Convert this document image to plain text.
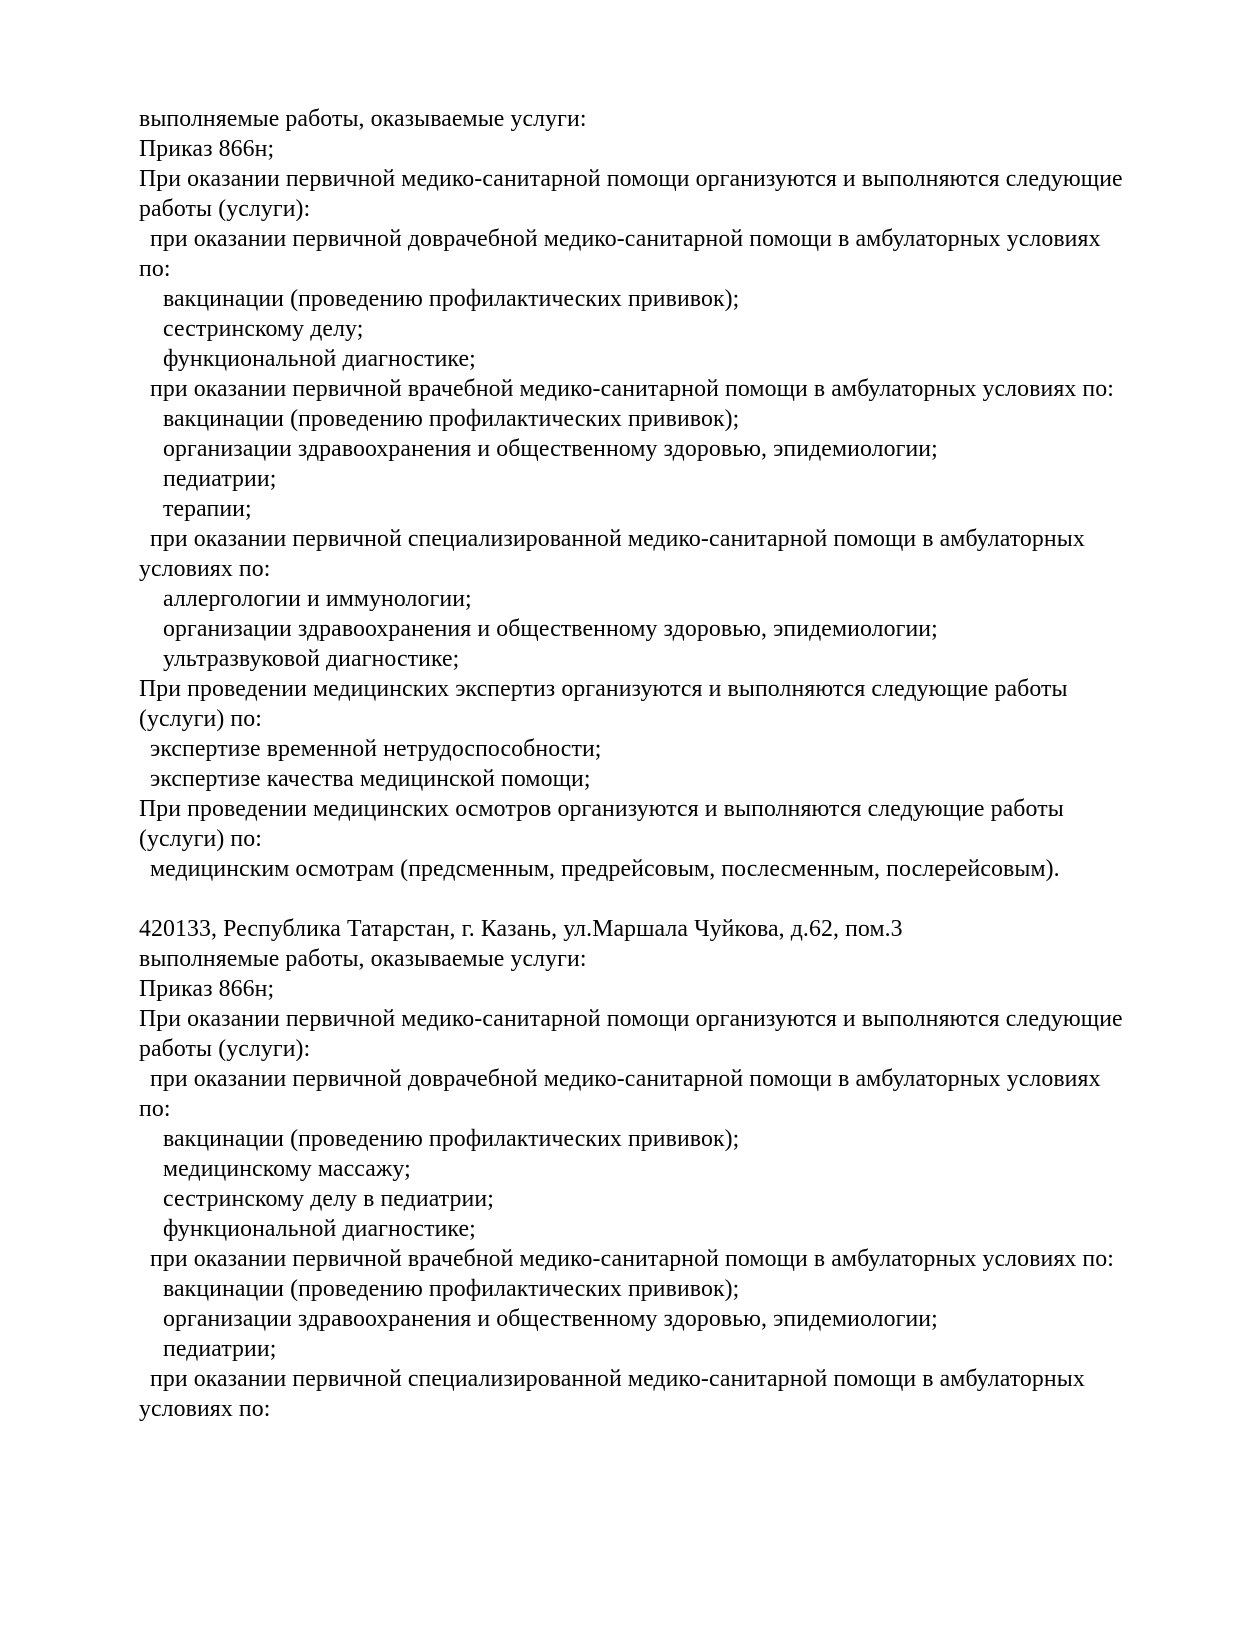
выполняемые работы, оказываемые услуги:
Приказ 866н;
При оказании первичной медико-санитарной помощи организуются и выполняются следующие
работы (услуги):
при оказании первичной доврачебной медико-санитарной помощи в амбулаторных условиях
по:
вакцинации (проведению профилактических прививок);
сестринскому делу;
функциональной диагностике;
при оказании первичной врачебной медико-санитарной помощи в амбулаторных условиях по:
вакцинации (проведению профилактических прививок);
организации здравоохранения и общественному здоровью, эпидемиологии;
педиатрии;
терапии;
при оказании первичной специализированной медико-санитарной помощи в амбулаторных
условиях по:
аллергологии и иммунологии;
организации здравоохранения и общественному здоровью, эпидемиологии;
ультразвуковой диагностике;
При проведении медицинских экспертиз организуются и выполняются следующие работы
(услуги) по:
экспертизе временной нетрудоспособности;
экспертизе качества медицинской помощи;
При проведении медицинских осмотров организуются и выполняются следующие работы
(услуги) по:
медицинским осмотрам (предсменным, предрейсовым, послесменным, послерейсовым).

420133, Республика Татарстан, г. Казань, ул.Маршала Чуйкова, д.62, пом.3
выполняемые работы, оказываемые услуги:
Приказ 866н;
При оказании первичной медико-санитарной помощи организуются и выполняются следующие
работы (услуги):
при оказании первичной доврачебной медико-санитарной помощи в амбулаторных условиях
по:
вакцинации (проведению профилактических прививок);
медицинскому массажу;
сестринскому делу в педиатрии;
функциональной диагностике;
при оказании первичной врачебной медико-санитарной помощи в амбулаторных условиях по:
вакцинации (проведению профилактических прививок);
организации здравоохранения и общественному здоровью, эпидемиологии;
педиатрии;
при оказании первичной специализированной медико-санитарной помощи в амбулаторных
условиях по:
